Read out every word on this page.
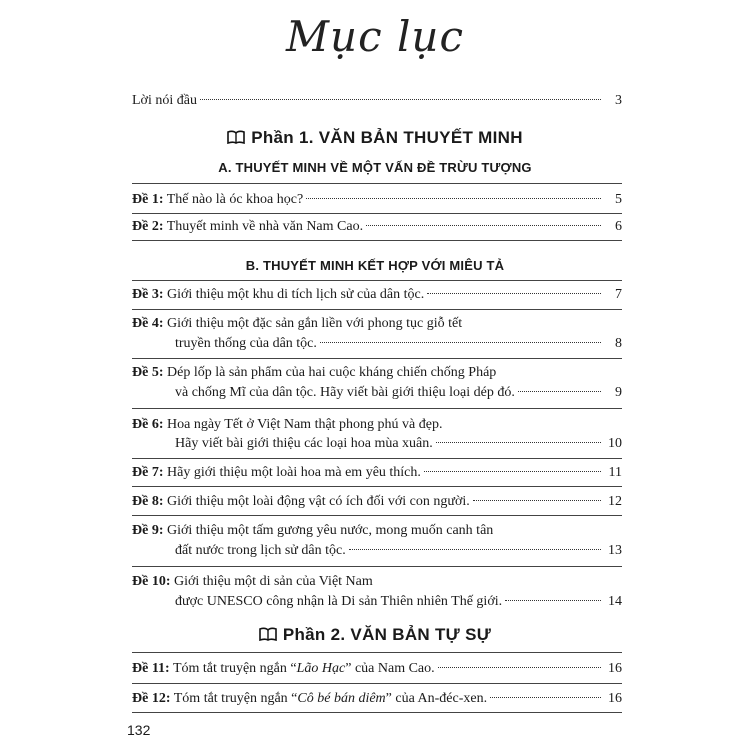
Mục lục
Lời nói đầu	3
Phần 1. VĂN BẢN THUYẾT MINH
A. THUYẾT MINH VỀ MỘT VẤN ĐỀ TRỪU TƯỢNG
Đề 1: Thế nào là óc khoa học?	5
Đề 2: Thuyết minh về nhà văn Nam Cao.	6
B. THUYẾT MINH KẾT HỢP VỚI MIÊU TẢ
Đề 3: Giới thiệu một khu di tích lịch sử của dân tộc.	7
Đề 4: Giới thiệu một đặc sản gắn liền với phong tục giỗ tết
truyền thống của dân tộc.	8
Đề 5: Dép lốp là sản phẩm của hai cuộc kháng chiến chống Pháp
và chống Mĩ của dân tộc. Hãy viết bài giới thiệu loại dép đó.	9
Đề 6: Hoa ngày Tết ở Việt Nam thật phong phú và đẹp.
Hãy viết bài giới thiệu các loại hoa mùa xuân.	10
Đề 7: Hãy giới thiệu một loài hoa mà em yêu thích.	11
Đề 8: Giới thiệu một loài động vật có ích đối với con người.	12
Đề 9: Giới thiệu một tấm gương yêu nước, mong muốn canh tân
đất nước trong lịch sử dân tộc.	13
Đề 10: Giới thiệu một di sản của Việt Nam
được UNESCO công nhận là Di sản Thiên nhiên Thế giới.	14
Phần 2. VĂN BẢN TỰ SỰ
Đề 11: Tóm tắt truyện ngắn “Lão Hạc” của Nam Cao.	16
Đề 12: Tóm tắt truyện ngắn “Cô bé bán diêm” của An-đéc-xen.	16
132
